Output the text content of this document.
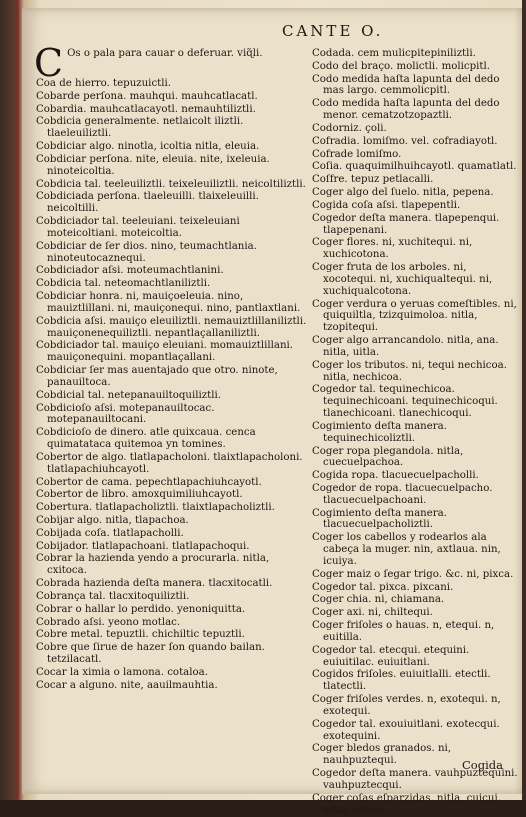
CANTE O.
C Os o pala para cauar o deferuar. viɋ̃li.
Coa de hierro. tepuzuictli.
Cobarde perſona. mauhqui. mauhcatlacatl.
Cobardia. mauhcatlacayotl. nemauhtiliztli.
Cobdicia generalmente. netlaicolt iliztli. tlaeleuiliztli.
Cobdiciar algo. ninotla, icoltia nitla, eleuia.
Cobdiciar perſona. nite, eleuia. nite, ixeleuia. ninoteicoltia.
Cobdicia tal. teeleuiliztli. teixeleuiliztli. neicoltiliztli.
Cobdiciada perſona. tlaeleuilli. tlaixeleuilli. neicoltilli.
Cobdiciador tal. teeleuiani. teixeleuiani moteicoltiani. moteicoltia.
Cobdiciar de ſer dios. nino, teumachtlania. ninoteutocaznequi.
Cobdiciador aſsi. moteumachtlanini.
Cobdicia tal. neteomachtlaniliztli.
Cobdiciar honra. ni, mauiçoeleuia. nino, mauiztlillani. ni, mauiçonequi. nino, pantlaxtlani.
Cobdicia aſsi. mauiço eleuiliztli. nemauiztlillaniliztli. mauiçonenequiliztli. nepantlaçallaniliztli.
Cobdiciador tal. mauiço eleuiani. momauiztlillani. mauiçonequini. mopantlaçallani.
Cobdiciar ſer mas auentajado que otro. ninote, panauiltoca.
Cobdicial tal. netepanauiltoquiliztli.
Cobdicioſo aſsi. motepanauiltocac. motepanauiltocani.
Cobdicioſo de dinero. atle quixcaua. cenca quimatataca quitemoa yn tomines.
Cobertor de algo. tlatlapacholoni. tlaixtlapacholoni. tlatlapachiuhcayotl.
Cobertor de cama. pepechtlapachiuhcayotl.
Cobertor de libro. amoxquimiliuhcayotl.
Cobertura. tlatlapacholiztli. tlaixtlapacholiztli.
Cobijar algo. nitla, tlapachoa.
Cobijada coſa. tlatlapacholli.
Cobijador. tlatlapachoani. tlatlapachoqui.
Cobrar la hazienda yendo a procurarla. nitla, cxitoca.
Cobrada hazienda deſta manera. tlacxitocatli.
Cobrança tal. tlacxitoquiliztli.
Cobrar o hallar lo perdido. yenoniquitta.
Cobrado aſsi. yeono motlac.
Cobre metal. tepuztli. chichiltic tepuztli.
Cobre que ſirue de hazer ſon quando bailan. tetzilacatl.
Cocar la ximia o lamona. cotaloa.
Cocar a alguno. nite, aauilmauhtia.
Codada. cem mulicpitepiniliztli.
Codo del braço. molictli. molicpitl.
Codo medida haſta lapunta del dedo mas largo. cemmolicpitl.
Codo medida haſta lapunta del dedo menor. cematzotzopaztli.
Codorniz. çoli.
Cofradia. lomiſmo. vel. cofradiayotl.
Cofrade lomiſmo.
Coſia. quaquimilhuihcayotl. quamatlatl.
Coſfre. tepuz petlacalli.
Coger algo del ſuelo. nitla, pepena.
Cogida coſa aſsi. tlapepentli.
Cogedor deſta manera. tlapepenqui. tlapepenani.
Coger flores. ni, xuchitequi. ni, xuchicotona.
Coger fruta de los arboles. ni, xocotequi. ni, xuchiqualtequi. ni, xuchiqualcotona.
Coger verdura o yeruas comeſtibles. ni, quiquiltla, tzizquimoloa. nitla, tzopitequi.
Coger algo arrancandolo. nitla, ana. nitla, uitla.
Coger los tributos. ni, tequi nechicoa. nitla, nechicoa.
Cogedor tal. tequinechicoa. tequinechicoani. tequinechicoqui. tlanechicoani. tlanechicoqui.
Cogimiento deſta manera. tequinechicoliztli.
Coger ropa plegandola. nitla, cuecuelpachoa.
Cogida ropa. tlacuecuelpacholli.
Cogedor de ropa. tlacuecuelpacho. tlacuecuelpachoani.
Cogimiento deſta manera. tlacuecuelpacholiztli.
Coger los cabellos y rodearlos ala cabeça la muger. nin, axtlaua. nin, icuiya.
Coger maiz o ſegar trigo. &c. ni, pixca.
Cogedor tal. pixca. pixcani.
Coger chia. ni, chiamana.
Coger axi. ni, chiltequi.
Coger friſoles o hauas. n, etequi. n, euitilla.
Cogedor tal. etecqui. etequini. euiuitilac. euiuitlani.
Cogidos friſoles. euiuitlalli. etectli. tlatectli.
Coger friſoles verdes. n, exotequi. n, exotequi.
Cogedor tal. exouiuitlani. exotecqui. exotequini.
Coger bledos granados. ni, nauhpuztequi.
Cogedor deſta manera. vauhpuztequini. vauhpuztecqui.
Coger coſas eſparzidas. nitla, cuicui. nitla, ololoa.
Cogida
